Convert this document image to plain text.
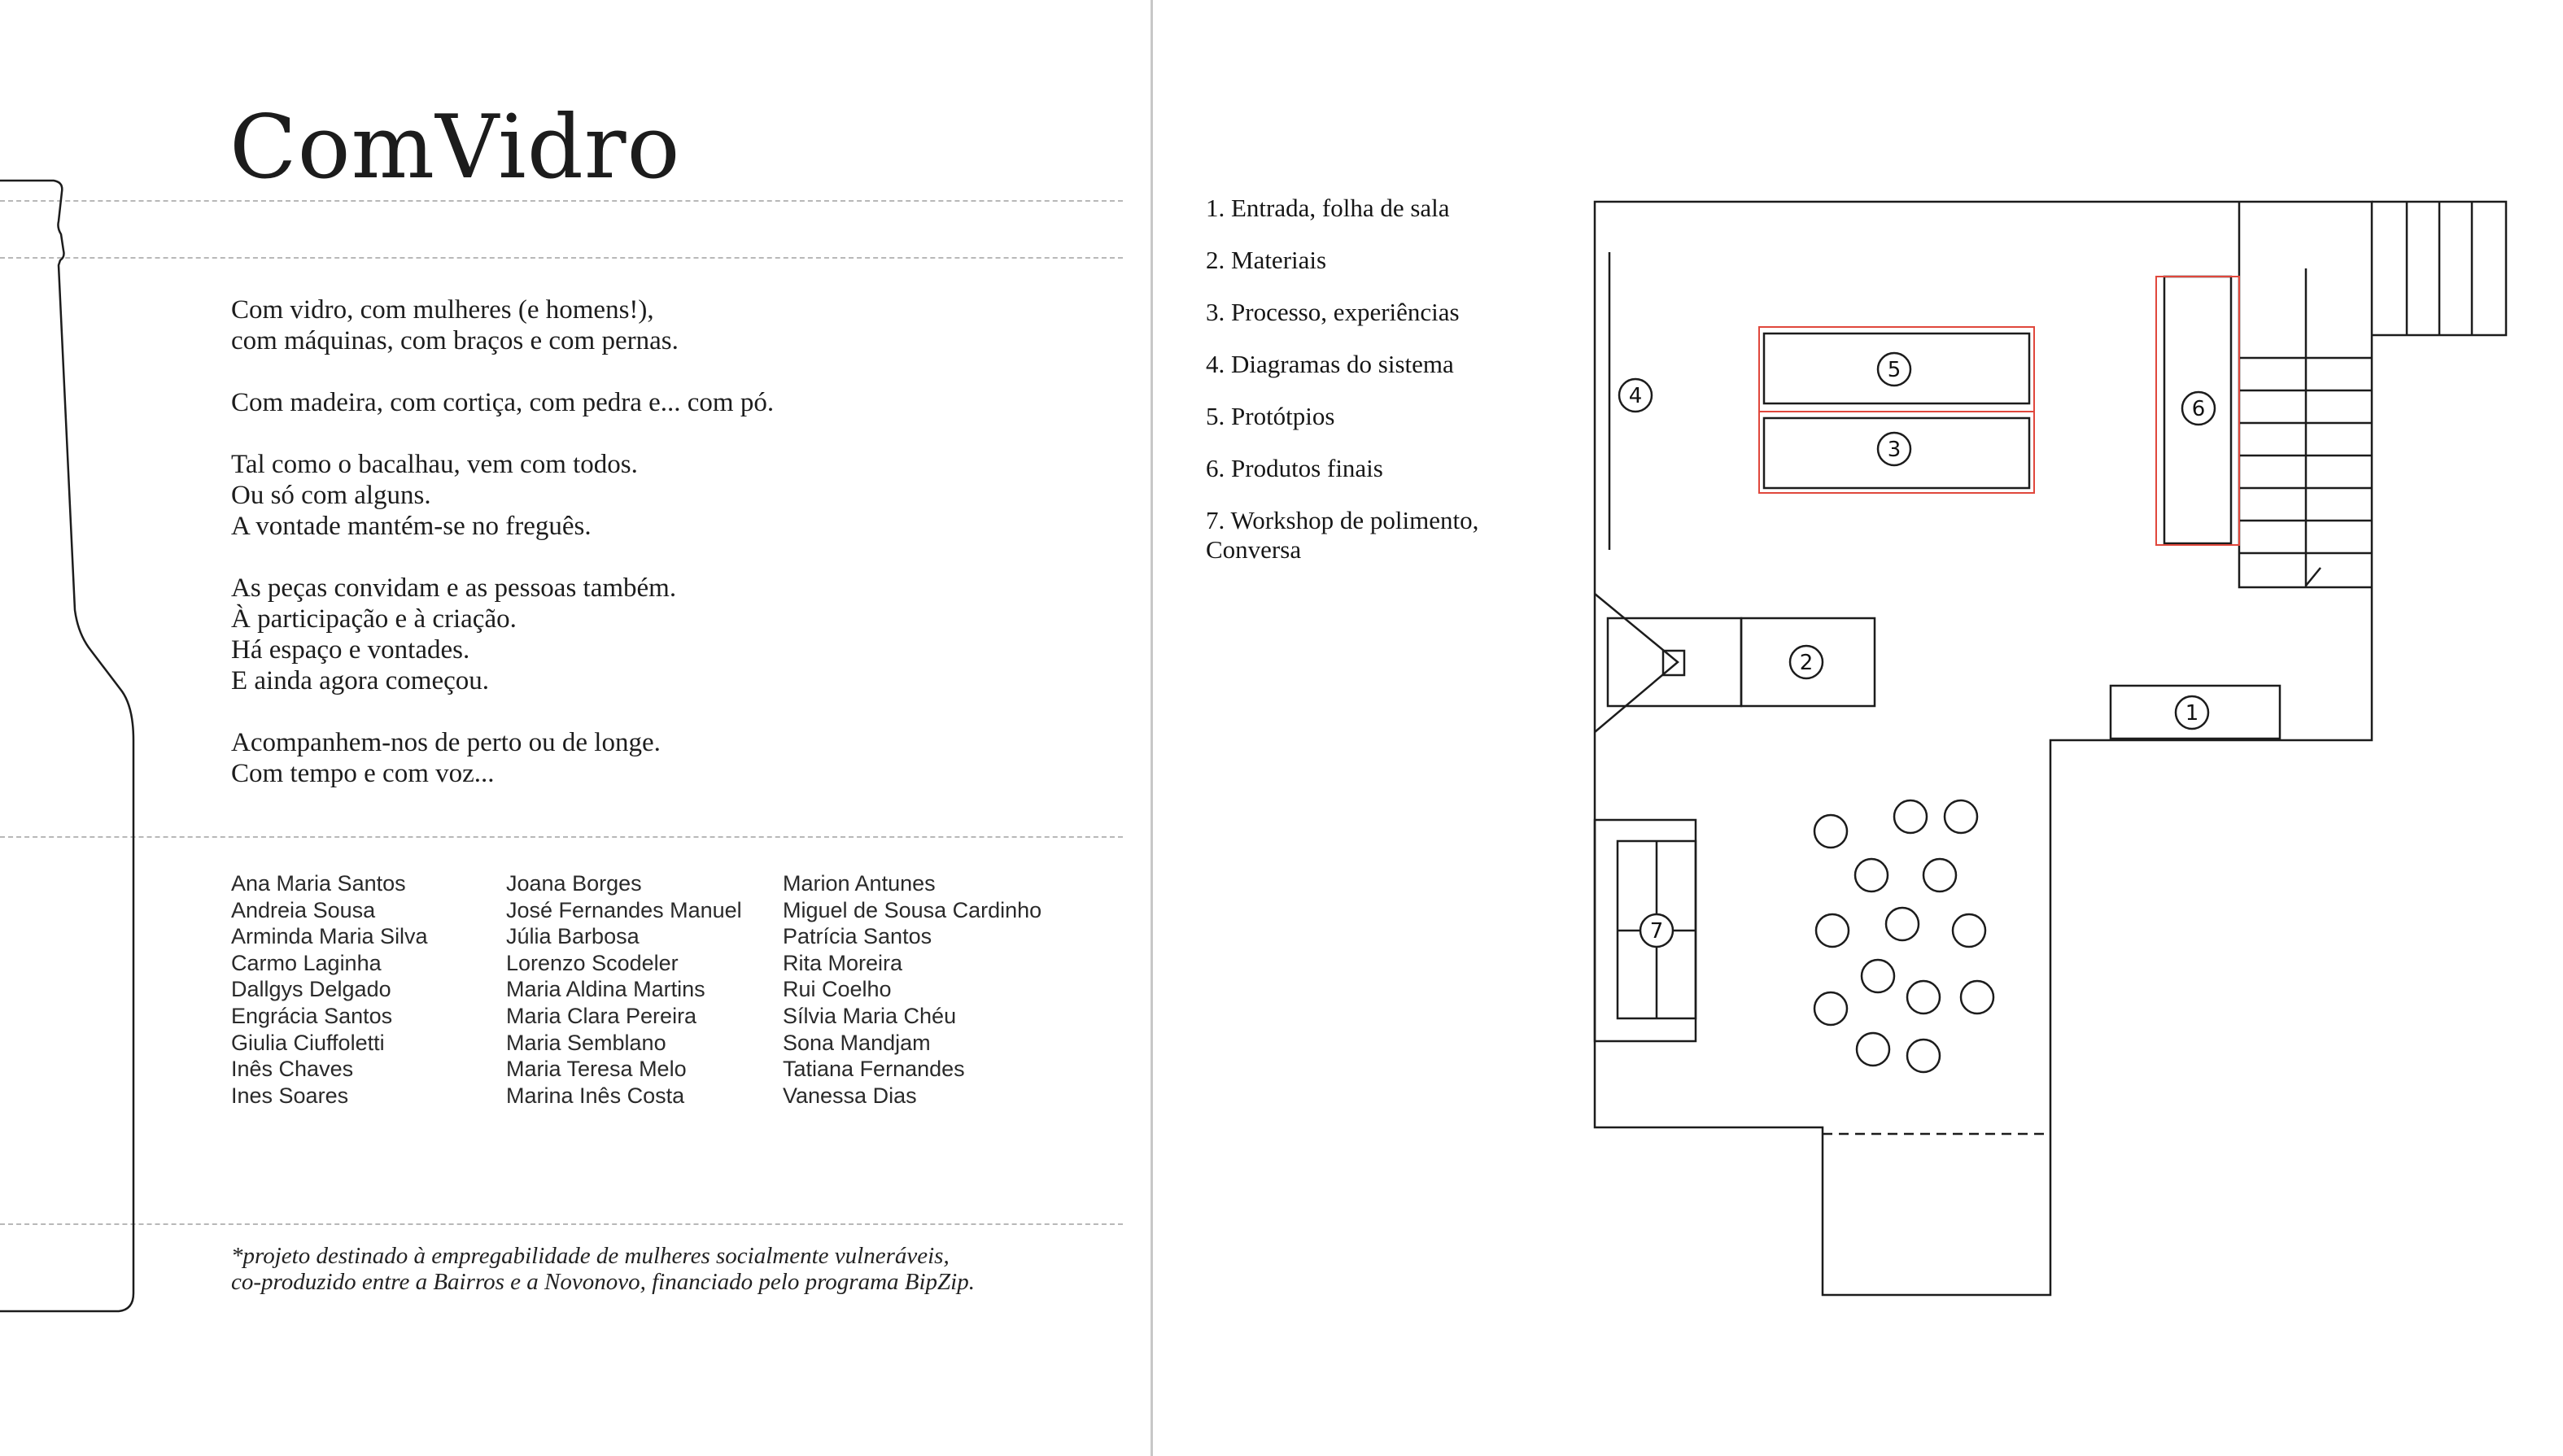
ComVidro

Com vidro, com mulheres (e homens!),
com máquinas, com braços e com pernas.

Com madeira, com cortiça, com pedra e... com pó.

Tal como o bacalhau, vem com todos.
Ou só com alguns.
A vontade mantém-se no freguês.

As peças convidam e as pessoas também.
À participação e à criação.
Há espaço e vontades.
E ainda agora começou.

Acompanhem-nos de perto ou de longe.
Com tempo e com voz...

Ana Maria Santos
Andreia Sousa
Arminda Maria Silva
Carmo Laginha
Dallgys Delgado
Engrácia Santos
Giulia Ciuffoletti
Inês Chaves
Ines Soares
Joana Borges
José Fernandes Manuel
Júlia Barbosa
Lorenzo Scodeler
Maria Aldina Martins
Maria Clara Pereira
Maria Semblano
Maria Teresa Melo
Marina Inês Costa
Marion Antunes
Miguel de Sousa Cardinho
Patrícia Santos
Rita Moreira
Rui Coelho
Sílvia Maria Chéu
Sona Mandjam
Tatiana Fernandes
Vanessa Dias
*projeto destinado à empregabilidade de mulheres socialmente vulneráveis,
co-produzido entre a Bairros e a Novonovo, financiado pelo programa BipZip.
1. Entrada, folha de sala
2. Materiais
3. Processo, experiências
4. Diagramas do sistema
5. Protótpios
6. Produtos finais
7. Workshop de polimento, Conversa
1
2
3
4
5
6
7
